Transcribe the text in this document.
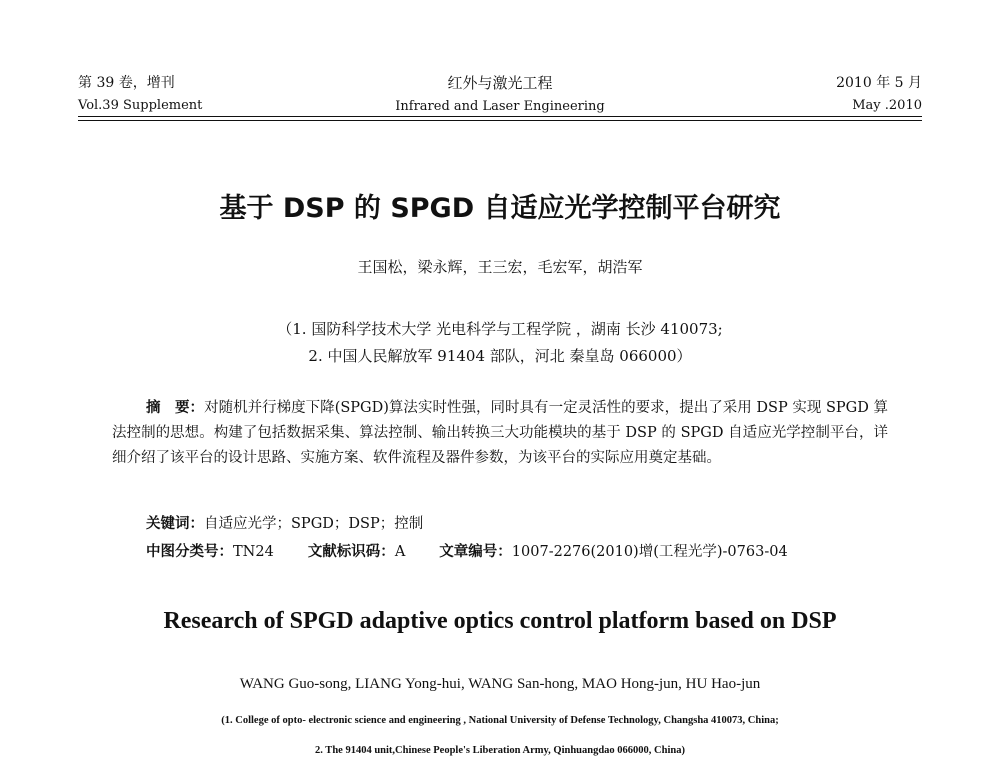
第 39 卷，增刊
Vol.39 Supplement
红外与激光工程
Infrared and Laser Engineering
2010 年 5 月
May .2010
基于 DSP 的 SPGD 自适应光学控制平台研究
王国松，梁永辉，王三宏，毛宏军，胡浩军
（1. 国防科学技术大学 光电科学与工程学院 ，湖南 长沙 410073;
2. 中国人民解放军 91404 部队，河北 秦皇岛 066000）
摘　要：对随机并行梯度下降(SPGD)算法实时性强，同时具有一定灵活性的要求，提出了采用 DSP 实现 SPGD 算法控制的思想。构建了包括数据采集、算法控制、输出转换三大功能模块的基于 DSP 的 SPGD 自适应光学控制平台，详细介绍了该平台的设计思路、实施方案、软件流程及器件参数，为该平台的实际应用奠定基础。
关键词：自适应光学；SPGD；DSP；控制
中图分类号：TN24 文献标识码：A 文章编号：1007-2276(2010)增(工程光学)-0763-04
Research of SPGD adaptive optics control platform based on DSP
WANG Guo-song, LIANG Yong-hui, WANG San-hong, MAO Hong-jun, HU Hao-jun
(1. College of opto- electronic science and engineering , National University of Defense Technology, Changsha 410073, China;
2. The 91404 unit,Chinese People's Liberation Army, Qinhuangdao 066000, China)
